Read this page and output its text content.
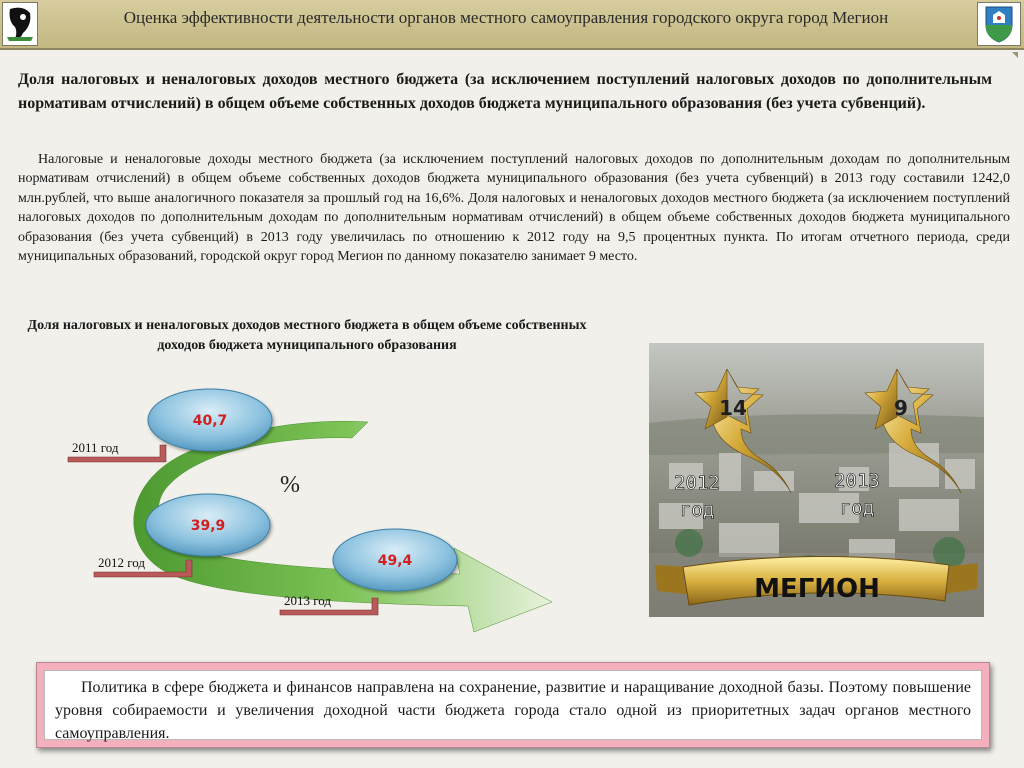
Оценка эффективности деятельности органов местного самоуправления городского округа город Мегион
Доля налоговых и неналоговых доходов местного бюджета (за исключением поступлений налоговых доходов по дополнительным нормативам отчислений) в общем объеме собственных доходов бюджета муниципального образования (без учета субвенций).
Налоговые и неналоговые доходы местного бюджета (за исключением поступлений налоговых доходов по дополнительным доходам по дополнительным нормативам отчислений) в общем объеме собственных доходов бюджета муниципального образования (без учета субвенций) в 2013 году составили 1242,0 млн.рублей, что выше аналогичного показателя за прошлый год на 16,6%. Доля налоговых и неналоговых доходов местного бюджета (за исключением поступлений налоговых доходов по дополнительным доходам по дополнительным нормативам отчислений) в общем объеме собственных доходов бюджета муниципального образования (без учета субвенций) в 2013 году увеличилась по отношению к 2012 году на 9,5 процентных пункта. По итогам отчетного периода, среди муниципальных образований, городской округ город Мегион по данному показателю занимает 9 место.
Доля налоговых и неналоговых доходов местного бюджета в общем объеме собственных доходов бюджета муниципального образования
2011 год
2012 год
2013 год
40,7
39,9
49,4
%
14
2012
год
9
2013
год
МЕГИОН
Политика в сфере бюджета и финансов направлена на сохранение, развитие и наращивание доходной базы. Поэтому повышение уровня собираемости и увеличения доходной части бюджета города стало одной из приоритетных задач органов местного самоуправления.
